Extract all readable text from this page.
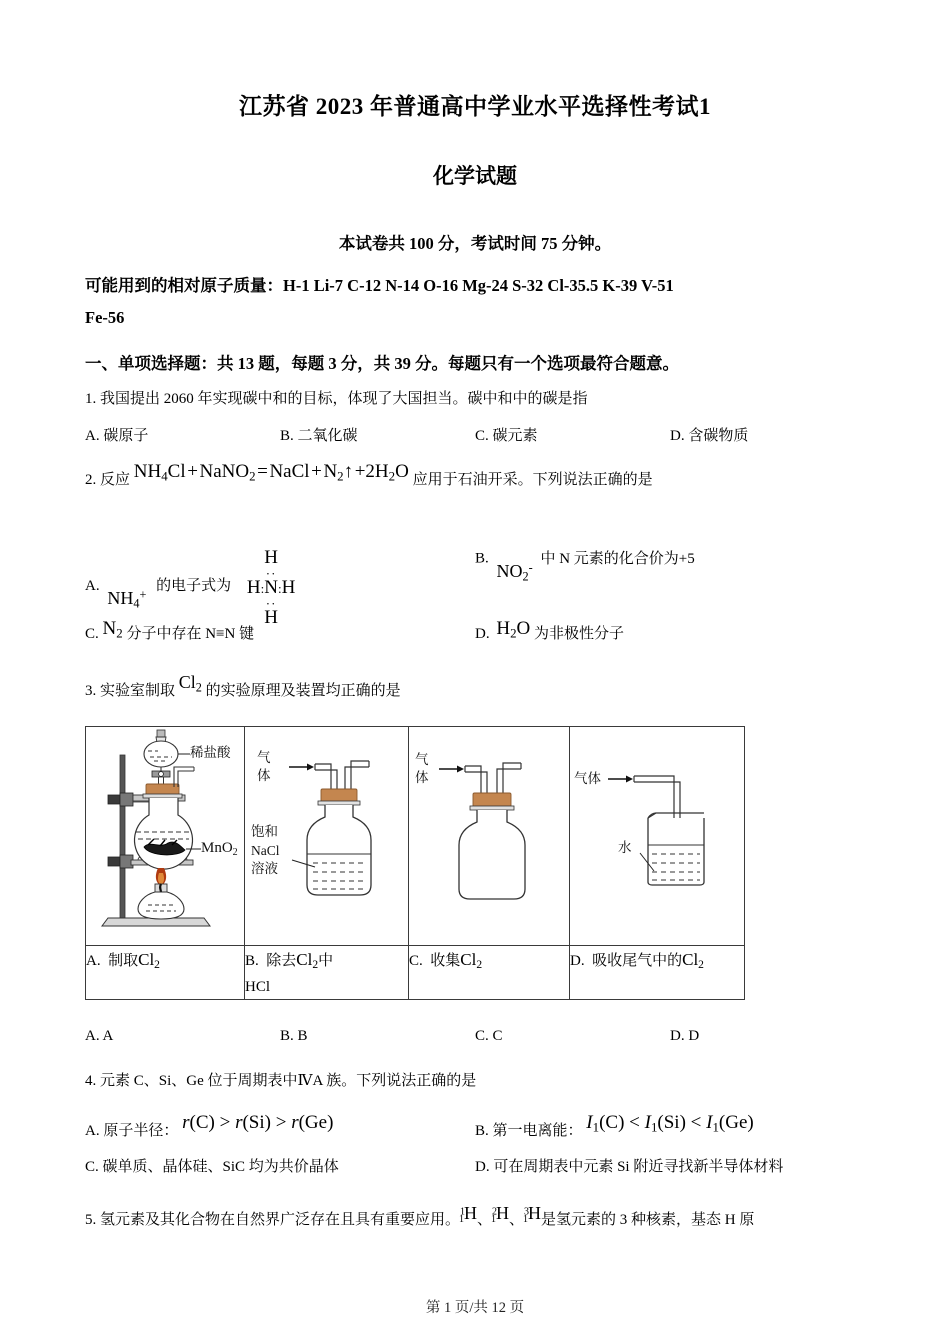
江苏省 2023 年普通高中学业水平选择性考试1
化学试题
本试卷共 100 分，考试时间 75 分钟。
可能用到的相对原子质量：H-1 Li-7 C-12 N-14 O-16 Mg-24 S-32 Cl-35.5 K-39 V-51
Fe-56
一、单项选择题：共 13 题，每题 3 分，共 39 分。每题只有一个选项最符合题意。
1. 我国提出 2060 年实现碳中和的目标，体现了大国担当。碳中和中的碳是指
A. 碳原子	B. 二氧化碳	C. 碳元素	D. 含碳物质
2. 反应 $NH_4Cl$ + NaNO$_2$ = NaCl + $N_2↑$ $+2H_2O$ 应用于石油开采。下列说法正确的是
A. $NH_4^+$ 的电子式为
H
··
H:N:H
··
H
B. $NO_2^-$ 中 N 元素的化合价为+5
C. $N_2$ 分子中存在 N≡N 键	D. $H_2O$ 为非极性分子
3. 实验室制取 $Cl_2$ 的实验原理及装置均正确的是
稀盐酸
MnO$_2$	气
体
饱和
NaCl
溶液	气
体	气体
水

A.  制取$Cl_2$	B.  除去$Cl_2$中
HCl	C.  收集$Cl_2$	D.  吸收尾气中的$Cl_2$
A. A	B. B	C. C	D. D
4. 元素 C、Si、Ge 位于周期表中ⅣA 族。下列说法正确的是
A. 原子半径： r(C) > r(Si) > r(Ge)	B. 第一电离能： $I_1(C) < I_1(Si) < I_1(Ge)$
C. 碳单质、晶体硅、SiC 均为共价晶体	D. 可在周期表中元素 Si 附近寻找新半导体材料
5. 氢元素及其化合物在自然界广泛存在且具有重要应用。$^1_1$H、$^2_1$H、$^3_1$H是氢元素的 3 种核素，基态 H 原
第 1 页/共 12 页
